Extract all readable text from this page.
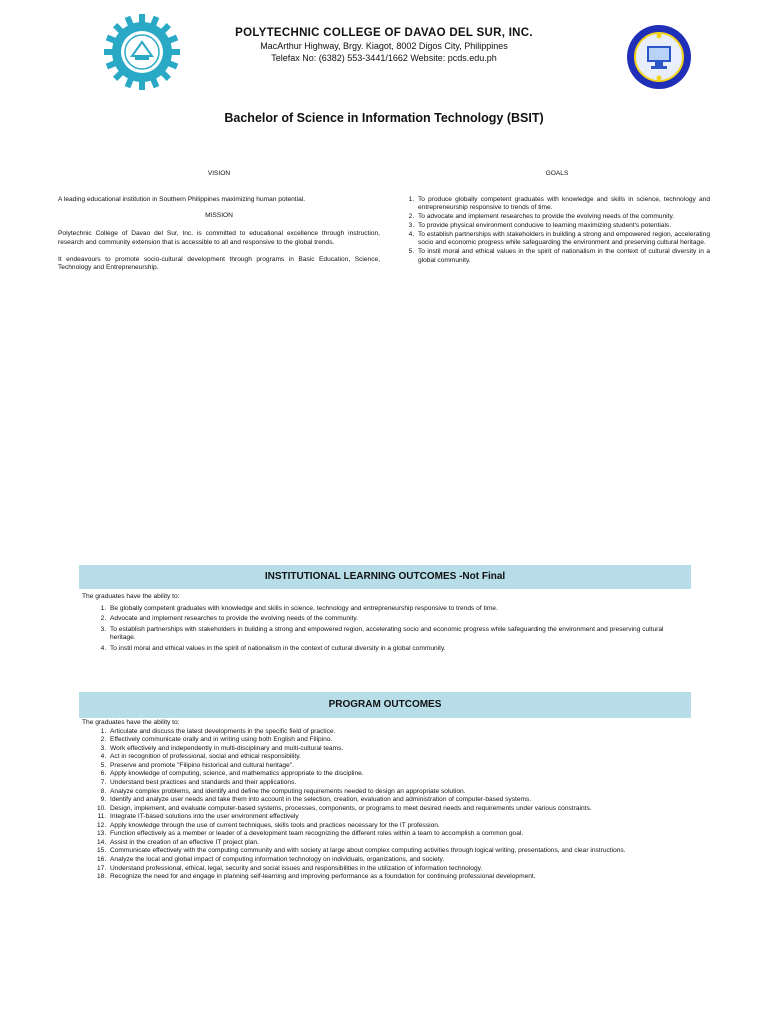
POLYTECHNIC COLLEGE OF DAVAO DEL SUR, INC.
MacArthur Highway, Brgy. Kiagot, 8002 Digos City, Philippines
Telefax No: (6382) 553-3441/1662 Website: pcds.edu.ph
Bachelor of Science in Information Technology (BSIT)
VISION

A leading educational institution in Southern Philippines maximizing human potential.

MISSION

Polytechnic College of Davao del Sur, Inc. is committed to educational excellence through instruction, research and community extension that is accessible to all and responsive to the global trends.

It endeavours to promote socio-cultural development through programs in Basic Education, Science, Technology and Entrepreneurship.

GOALS
1. To produce globally competent graduates with knowledge and skills in science, technology and entrepreneurship responsive to trends of time.
2. To advocate and implement researches to provide the evolving needs of the community.
3. To provide physical environment conducive to learning maximizing student's potentials.
4. To establish partnerships with stakeholders in building a strong and empowered region, accelerating socio and economic progress while safeguarding the environment and preserving cultural heritage.
5. To instil moral and ethical values in the spirit of nationalism in the context of cultural diversity in a global community.
INSTITUTIONAL LEARNING OUTCOMES -Not Final

The graduates have the ability to:

1. Be globally competent graduates with knowledge and skills in science, technology and entrepreneurship responsive to trends of time.
2. Advocate and implement researches to provide the evolving needs of the community.
3. To establish partnerships with stakeholders in building a strong and empowered region, accelerating socio and economic progress while safeguarding the environment and preserving cultural heritage.
4. To instil moral and ethical values in the spirit of nationalism in the context of cultural diversity in a global community.
PROGRAM OUTCOMES

The graduates have the ability to:

1. Articulate and discuss the latest developments in the specific field of practice.
2. Effectively communicate orally and in writing using both English and Filipino.
3. Work effectively and independently in multi-disciplinary and multi-cultural teams.
4. Act in recognition of professional, social and ethical responsibility.
5. Preserve and promote "Filipino historical and cultural heritage".
6. Apply knowledge of computing, science, and mathematics appropriate to the discipline.
7. Understand best practices and standards and their applications.
8. Analyze complex problems, and identify and define the computing requirements needed to design an appropriate solution.
9. Identify and analyze user needs and take them into account in the selection, creation, evaluation and administration of computer-based systems.
10. Design, implement, and evaluate computer-based systems, processes, components, or programs to meet desired needs and requirements under various constraints.
11. Integrate IT-based solutions into the user environment effectively
12. Apply knowledge through the use of current techniques, skills tools and practices necessary for the IT profession.
13. Function effectively as a member or leader of a development team recognizing the different roles within a team to accomplish a common goal.
14. Assist in the creation of an effective IT project plan.
15. Communicate effectively with the computing community and with society at large about complex computing activities through logical writing, presentations, and clear instructions.
16. Analyze the local and global impact of computing information technology on individuals, organizations, and society.
17. Understand professional, ethical, legal, security and social issues and responsibilities in the utilization of information technology.
18. Recognize the need for and engage in planning self-learning and improving performance as a foundation for continuing professional development.
